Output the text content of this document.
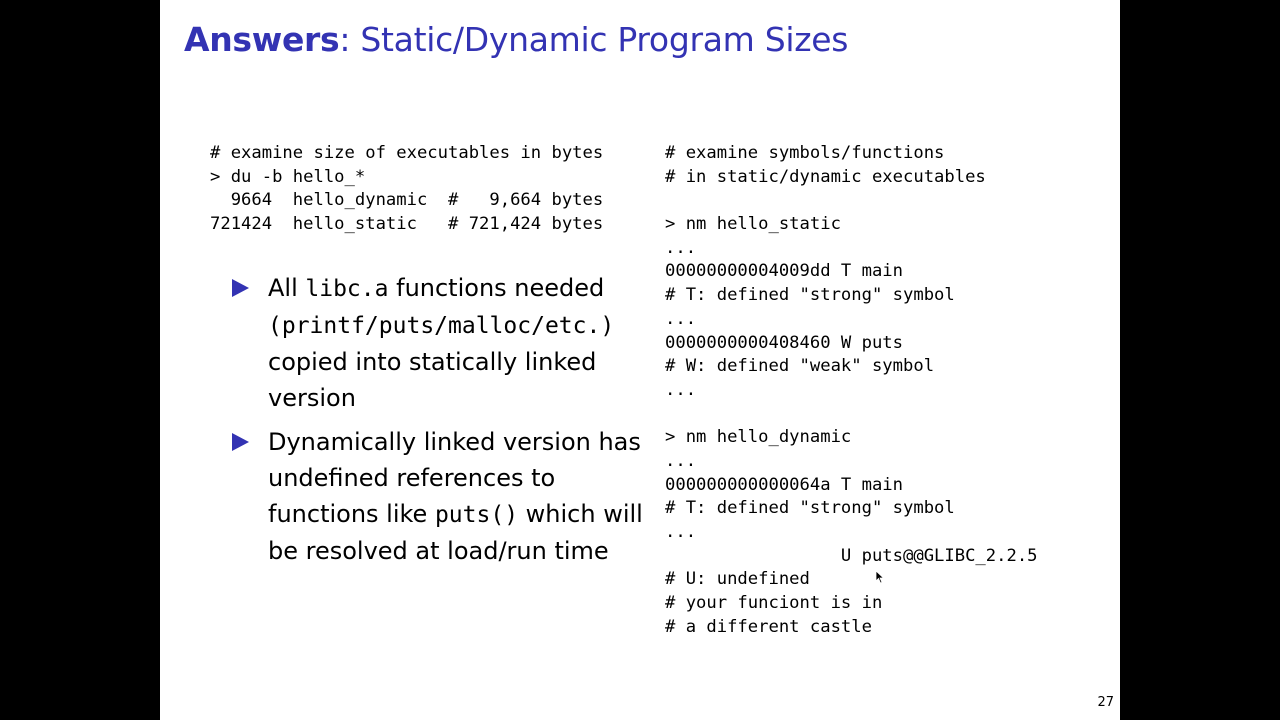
Answers: Static/Dynamic Program Sizes
# examine size of executables in bytes
> du -b hello_*
9664  hello_dynamic  #   9,664 bytes
721424  hello_static   # 721,424 bytes
# examine symbols/functions
# in static/dynamic executables
> nm hello_static
...
00000000004009dd T main
# T: defined "strong" symbol
...
0000000000408460 W puts
# W: defined "weak" symbol
...
> nm hello_dynamic
...
000000000000064a T main
# T: defined "strong" symbol
...
U puts@@GLIBC_2.2.5
# U: undefined
# your funciont is in
# a different castle
All libc.a functions needed (printf/puts/malloc/etc.) copied into statically linked version
Dynamically linked version has undefined references to functions like puts() which will be resolved at load/run time
27
